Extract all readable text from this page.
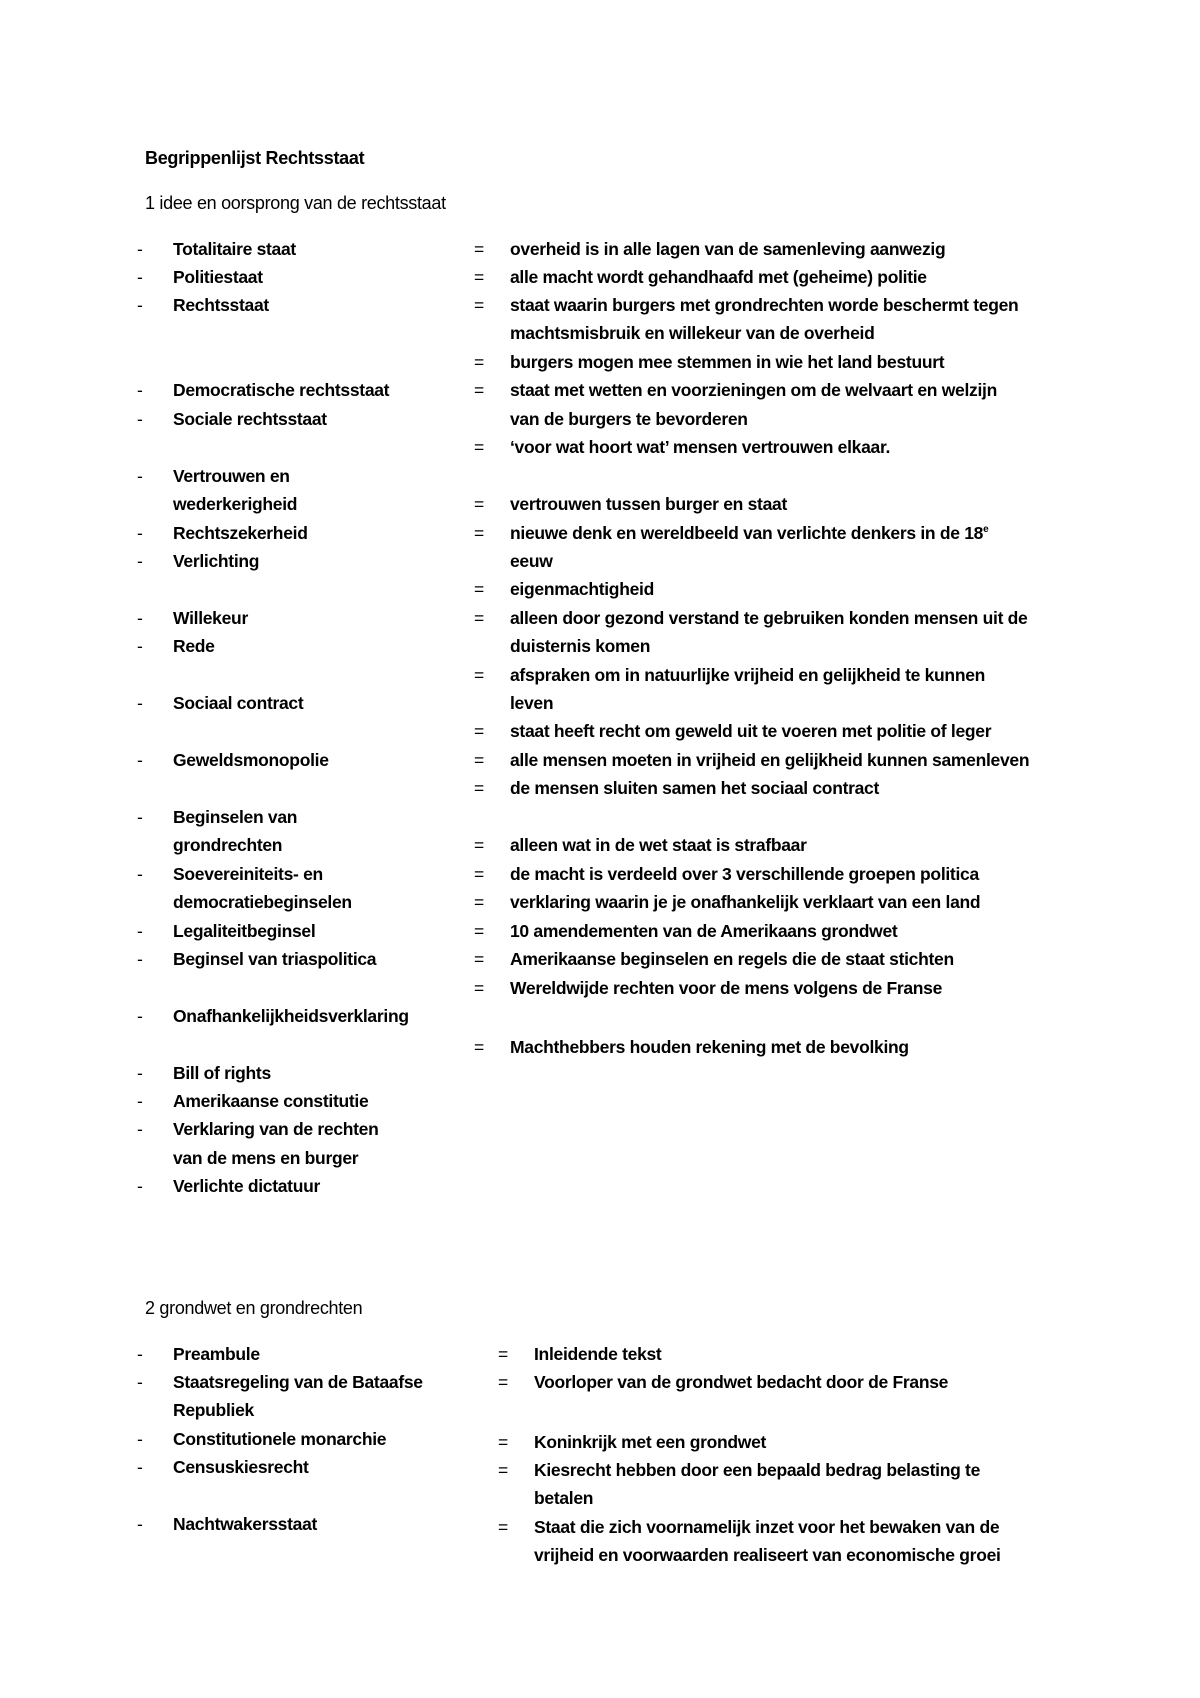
Begrippenlijst Rechtsstaat
1 idee en oorsprong van de rechtsstaat
-
-
-
-
-
-
-
-
-
-
-
-
-
-
-
-
-
-
-
-
-
Totalitaire staat
Politiestaat
Rechtsstaat
Democratische rechtsstaat
Sociale rechtsstaat
Vertrouwen en
wederkerigheid
Rechtszekerheid
Verlichting
Willekeur
Rede
Sociaal contract
Geweldsmonopolie
Beginselen van
grondrechten
Soevereiniteits- en
democratiebeginselen
Legaliteitbeginsel
Beginsel van triaspolitica
Onafhankelijkheidsverklaring
Bill of rights
Amerikaanse constitutie
Verklaring van de rechten
van de mens en burger
Verlichte dictatuur
=
=
=
=
=
=
=
=
=
=
=
=
=
=
=
=
=
=
=
=
=
overheid is in alle lagen van de samenleving aanwezig
alle macht wordt gehandhaafd met (geheime) politie
staat waarin burgers met grondrechten worde beschermt tegen
machtsmisbruik en willekeur van de overheid
burgers mogen mee stemmen in wie het land bestuurt
staat met wetten en voorzieningen om de welvaart en welzijn
van de burgers te bevorderen
‘voor wat hoort wat’ mensen vertrouwen elkaar.
vertrouwen tussen burger en staat
nieuwe denk en wereldbeeld van verlichte denkers in de 18e
eeuw
eigenmachtigheid
alleen door gezond verstand te gebruiken konden mensen uit de
duisternis komen
afspraken om in natuurlijke vrijheid en gelijkheid te kunnen
leven
staat heeft recht om geweld uit te voeren met politie of leger
alle mensen moeten in vrijheid en gelijkheid kunnen samenleven
de mensen sluiten samen het sociaal contract
alleen wat in de wet staat is strafbaar
de macht is verdeeld over 3 verschillende groepen politica
verklaring waarin je je onafhankelijk verklaart van een land
10 amendementen van de Amerikaans grondwet
Amerikaanse beginselen en regels die de staat stichten
Wereldwijde rechten voor de mens volgens de Franse
Machthebbers houden rekening met de bevolking
2 grondwet en grondrechten
-
-
-
-
-
Preambule
Staatsregeling van de Bataafse
Republiek
Constitutionele monarchie
Censuskiesrecht
Nachtwakersstaat
=
=
=
=
=
Inleidende tekst
Voorloper van de grondwet bedacht door de Franse
Koninkrijk met een grondwet
Kiesrecht hebben door een bepaald bedrag belasting te
betalen
Staat die zich voornamelijk inzet voor het bewaken van de
vrijheid en voorwaarden realiseert van economische groei
